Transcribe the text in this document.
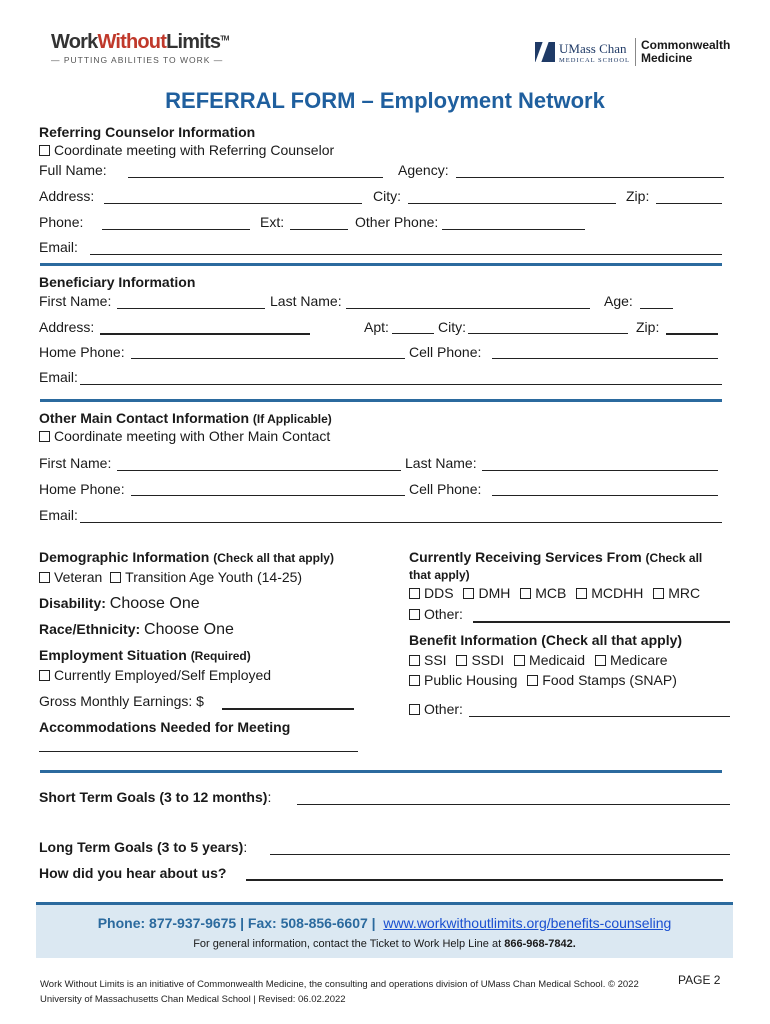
WorkWithoutLimits™
— PUTTING ABILITIES TO WORK —
UMass Chan
MEDICAL SCHOOL
Commonwealth
Medicine
REFERRAL FORM – Employment Network
Referring Counselor Information
Coordinate meeting with Referring Counselor
Full Name:	Agency:
Address:	City:	Zip:
Phone:	Ext:	Other Phone:
Email:
Beneficiary Information
First Name:	Last Name:	Age:
Address:	Apt:	City:	Zip:
Home Phone:	Cell Phone:
Email:
Other Main Contact Information (If Applicable)
Coordinate meeting with Other Main Contact
First Name:	Last Name:
Home Phone:	Cell Phone:
Email:
Demographic Information (Check all that apply)
Veteran Transition Age Youth (14-25)
Disability: Choose One
Race/Ethnicity: Choose One
Employment Situation (Required)
Currently Employed/Self Employed
Gross Monthly Earnings: $
Accommodations Needed for Meeting
Currently Receiving Services From (Check all
that apply)
DDS DMH MCB MCDHH MRC
Other:
Benefit Information (Check all that apply)
SSI SSDI Medicaid Medicare
Public Housing Food Stamps (SNAP)
Other:
Short Term Goals (3 to 12 months):
Long Term Goals (3 to 5 years):
How did you hear about us?
Phone: 877-937-9675 | Fax: 508-856-6607 | www.workwithoutlimits.org/benefits-counseling
For general information, contact the Ticket to Work Help Line at 866-968-7842.
Work Without Limits is an initiative of Commonwealth Medicine, the consulting and operations division of UMass Chan Medical School. © 2022 University of Massachusetts Chan Medical School | Revised: 06.02.2022
PAGE 2
